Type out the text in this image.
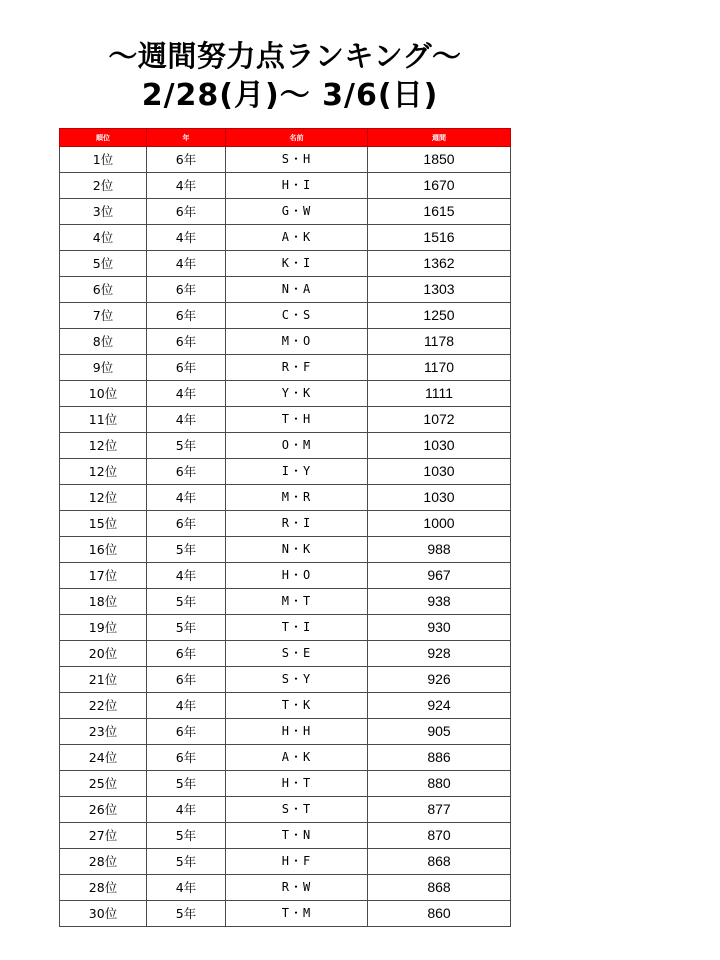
～週間努力点ランキング～
2/28(月)～ 3/6(日)
順位	年	名前	週間
1位	6年	S・H	1850
2位	4年	H・I	1670
3位	6年	G・W	1615
4位	4年	A・K	1516
5位	4年	K・I	1362
6位	6年	N・A	1303
7位	6年	C・S	1250
8位	6年	M・O	1178
9位	6年	R・F	1170
10位	4年	Y・K	1111
11位	4年	T・H	1072
12位	5年	O・M	1030
12位	6年	I・Y	1030
12位	4年	M・R	1030
15位	6年	R・I	1000
16位	5年	N・K	988
17位	4年	H・O	967
18位	5年	M・T	938
19位	5年	T・I	930
20位	6年	S・E	928
21位	6年	S・Y	926
22位	4年	T・K	924
23位	6年	H・H	905
24位	6年	A・K	886
25位	5年	H・T	880
26位	4年	S・T	877
27位	5年	T・N	870
28位	5年	H・F	868
28位	4年	R・W	868
30位	5年	T・M	860
